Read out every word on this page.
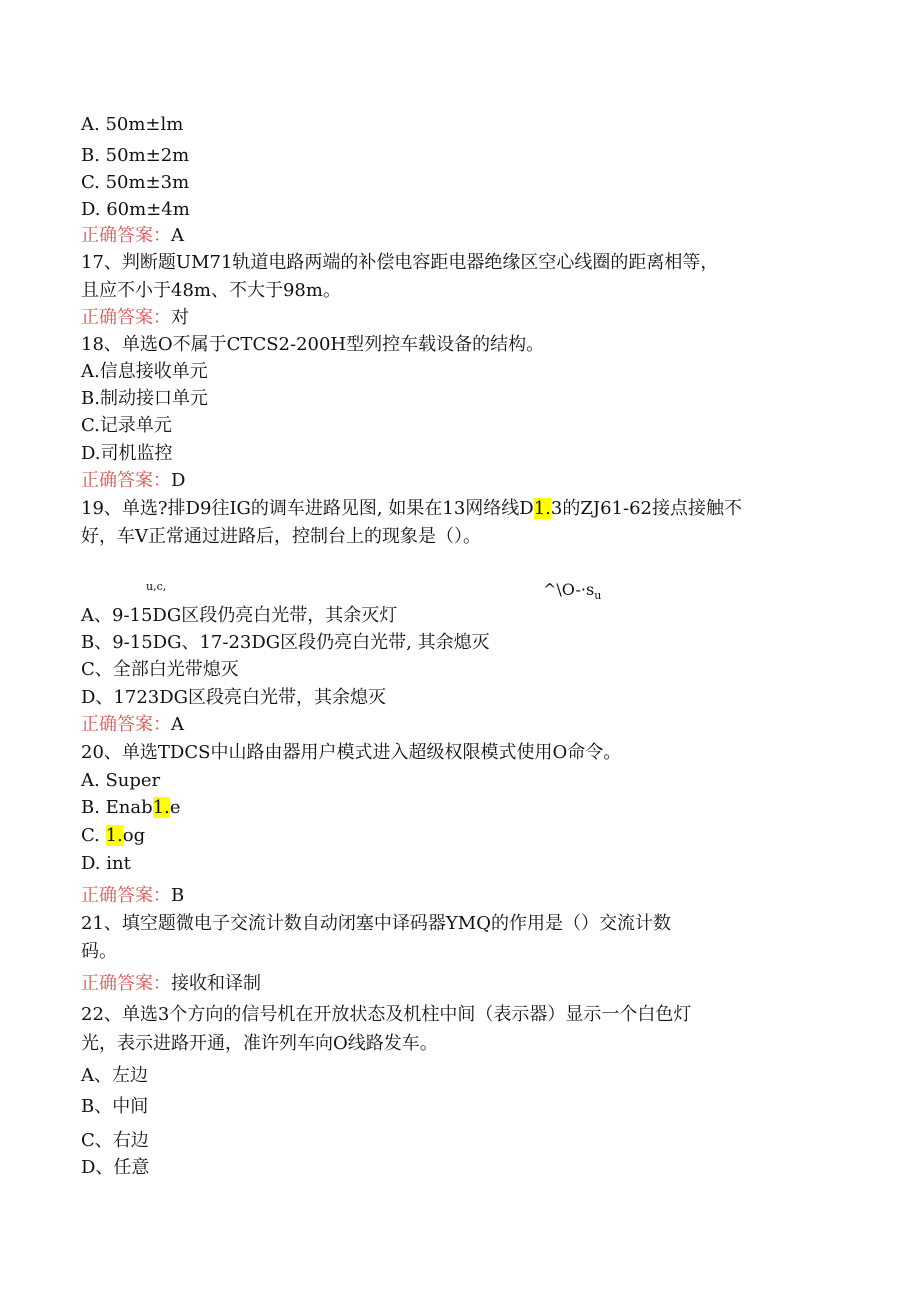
A. 50m±lm
B. 50m±2m
C. 50m±3m
D. 60m±4m
正确答案：A
17、判断题UM71轨道电路两端的补偿电容距电器绝缘区空心线圈的距离相等，
且应不小于48m、不大于98m。
正确答案：对
18、单选O不属于CTCS2-200H型列控车载设备的结构。
A.信息接收单元
B.制动接口单元
C.记录单元
D.司机监控
正确答案：D
19、单选?排D9往IG的调车进路见图, 如果在13网络线D1.3的ZJ61-62接点接触不
好，车V正常通过进路后，控制台上的现象是（）。
u,c,	$\^{}\backslash O-\cdot s_u$
A、9-15DG区段仍亮白光带，其余灭灯
B、9-15DG、17-23DG区段仍亮白光带, 其余熄灭
C、全部白光带熄灭
D、1723DG区段亮白光带，其余熄灭
正确答案：A
20、单选TDCS中山路由器用户模式进入超级权限模式使用O命令。
A. Super
B. Enab1.e
C. 1.og
D. int
正确答案：B
21、填空题微电子交流计数自动闭塞中译码器YMQ的作用是（）交流计数
码。
正确答案：接收和译制
22、单选3个方向的信号机在开放状态及机柱中间（表示器）显示一个白色灯
光，表示进路开通，准许列车向O线路发车。
A、左边
B、中间
C、右边
D、任意
